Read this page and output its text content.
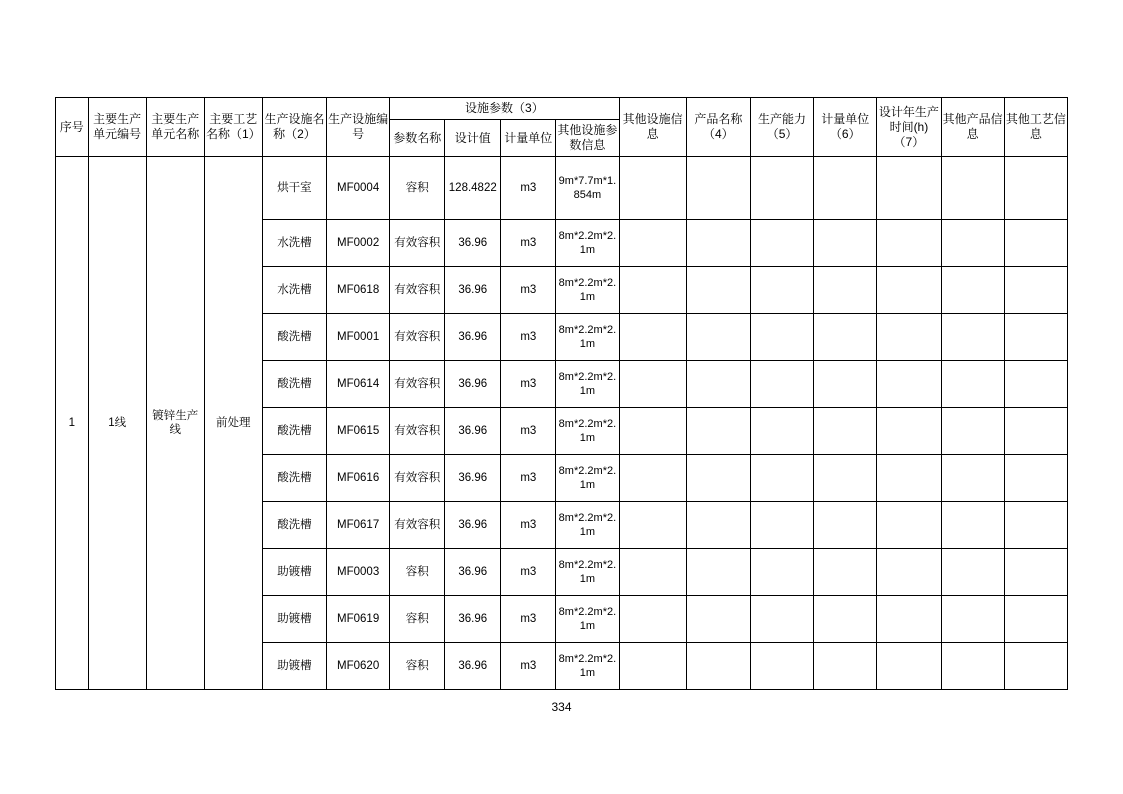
序号	主要生产单元编号	主要生产单元名称	主要工艺名称（1）	生产设施名称（2）	生产设施编号	设施参数（3）				其他设施信息	产品名称（4）	生产能力（5）	计量单位（6）	设计年生产时间(h)（7）	其他产品信息	其他工艺信息
						参数名称	设计值	计量单位	其他设施参数信息							
1	1线	镀锌生产线	前处理	烘干室	MF0004	容积	128.4822	m3	9m*7.7m*1.854m							
				水洗槽	MF0002	有效容积	36.96	m3	8m*2.2m*2.1m							
				水洗槽	MF0618	有效容积	36.96	m3	8m*2.2m*2.1m							
				酸洗槽	MF0001	有效容积	36.96	m3	8m*2.2m*2.1m							
				酸洗槽	MF0614	有效容积	36.96	m3	8m*2.2m*2.1m							
				酸洗槽	MF0615	有效容积	36.96	m3	8m*2.2m*2.1m							
				酸洗槽	MF0616	有效容积	36.96	m3	8m*2.2m*2.1m							
				酸洗槽	MF0617	有效容积	36.96	m3	8m*2.2m*2.1m							
				助镀槽	MF0003	容积	36.96	m3	8m*2.2m*2.1m							
				助镀槽	MF0619	容积	36.96	m3	8m*2.2m*2.1m							
				助镀槽	MF0620	容积	36.96	m3	8m*2.2m*2.1m							
334
